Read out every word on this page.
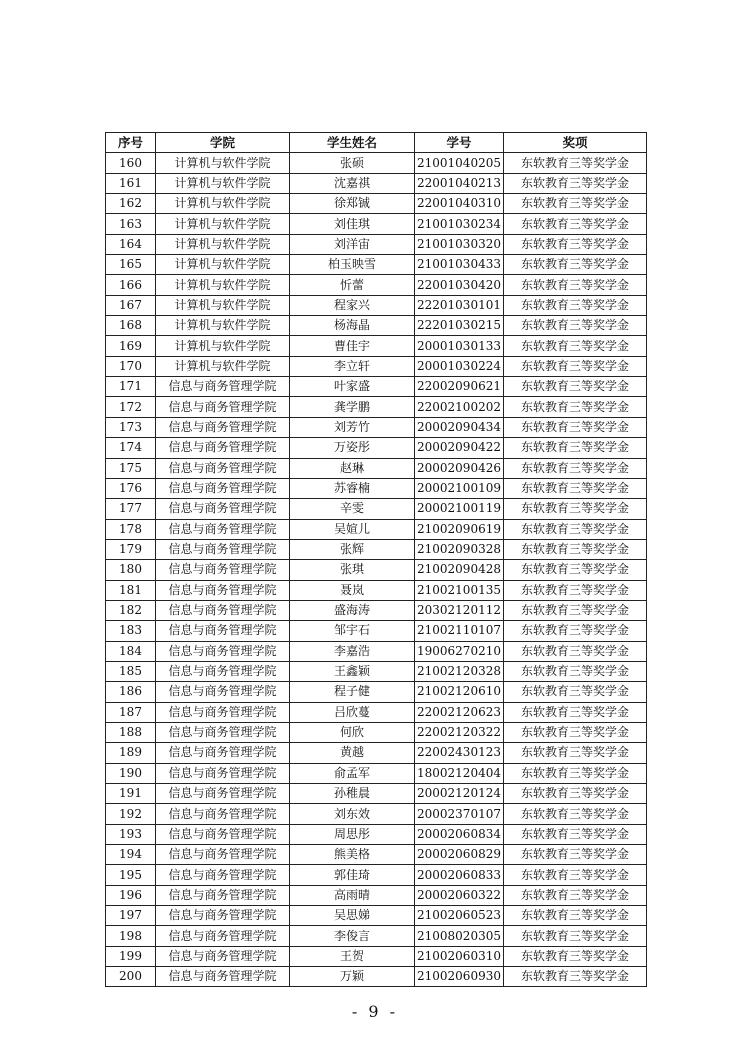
序号	学院	学生姓名	学号	奖项
160	计算机与软件学院	张硕	21001040205	东软教育三等奖学金
161	计算机与软件学院	沈嘉祺	22001040213	东软教育三等奖学金
162	计算机与软件学院	徐郑铖	22001040310	东软教育三等奖学金
163	计算机与软件学院	刘佳琪	21001030234	东软教育三等奖学金
164	计算机与软件学院	刘洋宙	21001030320	东软教育三等奖学金
165	计算机与软件学院	柏玉映雪	21001030433	东软教育三等奖学金
166	计算机与软件学院	忻蕾	22001030420	东软教育三等奖学金
167	计算机与软件学院	程家兴	22201030101	东软教育三等奖学金
168	计算机与软件学院	杨海晶	22201030215	东软教育三等奖学金
169	计算机与软件学院	曹佳宇	20001030133	东软教育三等奖学金
170	计算机与软件学院	李立轩	20001030224	东软教育三等奖学金
171	信息与商务管理学院	叶家盛	22002090621	东软教育三等奖学金
172	信息与商务管理学院	龚学鹏	22002100202	东软教育三等奖学金
173	信息与商务管理学院	刘芳竹	20002090434	东软教育三等奖学金
174	信息与商务管理学院	万姿彤	20002090422	东软教育三等奖学金
175	信息与商务管理学院	赵琳	20002090426	东软教育三等奖学金
176	信息与商务管理学院	苏睿楠	20002100109	东软教育三等奖学金
177	信息与商务管理学院	辛雯	20002100119	东软教育三等奖学金
178	信息与商务管理学院	吴媗儿	21002090619	东软教育三等奖学金
179	信息与商务管理学院	张辉	21002090328	东软教育三等奖学金
180	信息与商务管理学院	张琪	21002090428	东软教育三等奖学金
181	信息与商务管理学院	聂岚	21002100135	东软教育三等奖学金
182	信息与商务管理学院	盛海涛	20302120112	东软教育三等奖学金
183	信息与商务管理学院	邹宇石	21002110107	东软教育三等奖学金
184	信息与商务管理学院	李嘉浩	19006270210	东软教育三等奖学金
185	信息与商务管理学院	王鑫颖	21002120328	东软教育三等奖学金
186	信息与商务管理学院	程子健	21002120610	东软教育三等奖学金
187	信息与商务管理学院	吕欣蔓	22002120623	东软教育三等奖学金
188	信息与商务管理学院	何欣	22002120322	东软教育三等奖学金
189	信息与商务管理学院	黄越	22002430123	东软教育三等奖学金
190	信息与商务管理学院	俞孟军	18002120404	东软教育三等奖学金
191	信息与商务管理学院	孙稚晨	20002120124	东软教育三等奖学金
192	信息与商务管理学院	刘东效	20002370107	东软教育三等奖学金
193	信息与商务管理学院	周思彤	20002060834	东软教育三等奖学金
194	信息与商务管理学院	熊美格	20002060829	东软教育三等奖学金
195	信息与商务管理学院	郭佳琦	20002060833	东软教育三等奖学金
196	信息与商务管理学院	高雨晴	20002060322	东软教育三等奖学金
197	信息与商务管理学院	吴思娣	21002060523	东软教育三等奖学金
198	信息与商务管理学院	李俊言	21008020305	东软教育三等奖学金
199	信息与商务管理学院	王贺	21002060310	东软教育三等奖学金
200	信息与商务管理学院	万颖	21002060930	东软教育三等奖学金
- 9 -
